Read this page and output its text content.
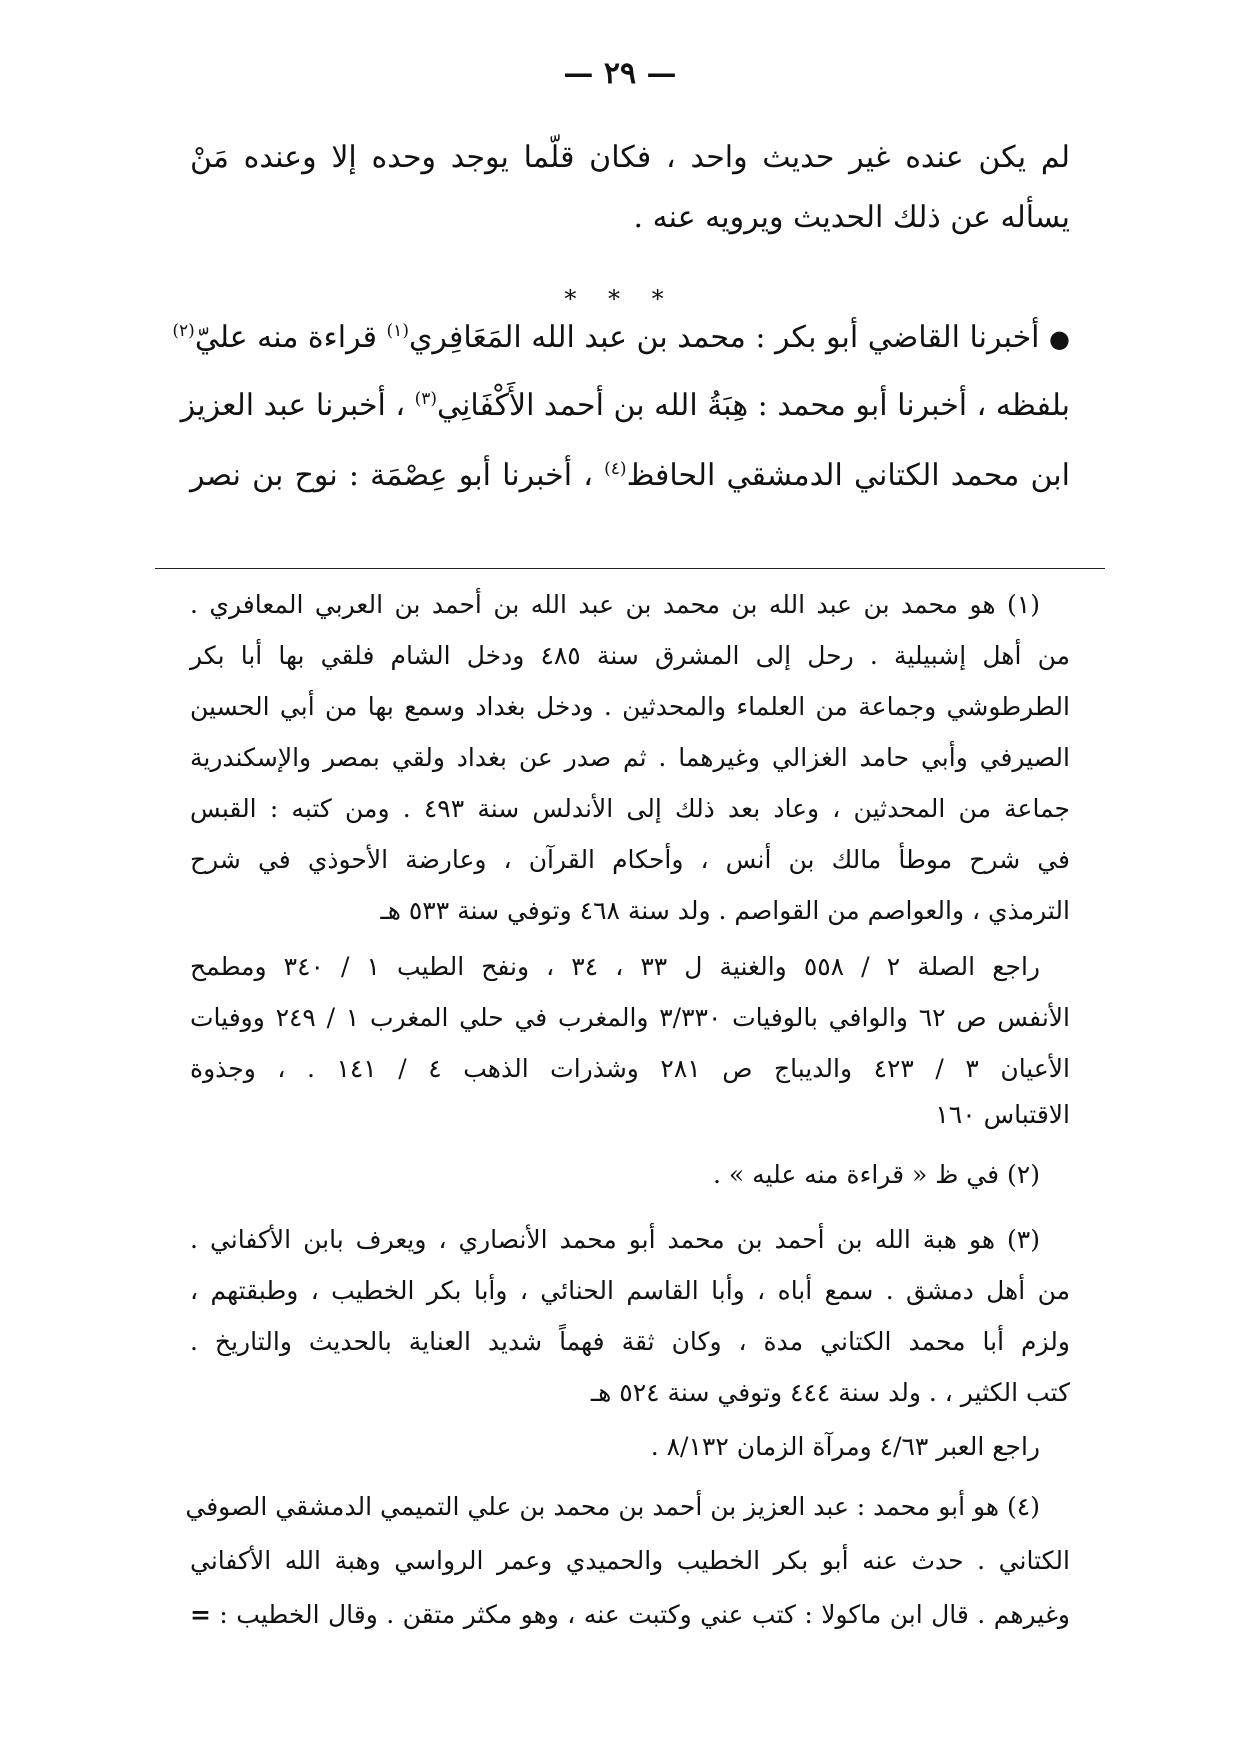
— ٢٩ —
لم يكن عنده غير حديث واحد ، فكان قلّما يوجد وحده إلا وعنده مَنْ
يسأله عن ذلك الحديث ويرويه عنه .
* * *
● أخبرنا القاضي أبو بكر : محمد بن عبد الله المَعَافِري$^{(١)}$ قراءة منه عليّ$^{(٢)}$
بلفظه ، أخبرنا أبو محمد : هِبَةُ الله بن أحمد الأَكْفَانِي$^{(٣)}$ ، أخبرنا عبد العزيز
ابن محمد الكتاني الدمشقي الحافظ$^{(٤)}$ ، أخبرنا أبو عِصْمَة : نوح بن نصر
(١) هو محمد بن عبد الله بن محمد بن عبد الله بن أحمد بن العربي المعافري .
من أهل إشبيلية . رحل إلى المشرق سنة ٤٨٥ ودخل الشام فلقي بها أبا بكر
الطرطوشي وجماعة من العلماء والمحدثين . ودخل بغداد وسمع بها من أبي الحسين
الصيرفي وأبي حامد الغزالي وغيرهما . ثم صدر عن بغداد ولقي بمصر والإسكندرية
جماعة من المحدثين ، وعاد بعد ذلك إلى الأندلس سنة ٤٩٣ . ومن كتبه : القبس
في شرح موطأ مالك بن أنس ، وأحكام القرآن ، وعارضة الأحوذي في شرح
الترمذي ، والعواصم من القواصم . ولد سنة ٤٦٨ وتوفي سنة ٥٣٣ هـ
راجع الصلة ٢ / ٥٥٨ والغنية ل ٣٣ ، ٣٤ ، ونفح الطيب ١ / ٣٤٠ ومطمح
الأنفس ص ٦٢ والوافي بالوفيات ٣/٣٣٠ والمغرب في حلي المغرب ١ / ٢٤٩ ووفيات
الأعيان ٣ / ٤٢٣ والديباج ص ٢٨١ وشذرات الذهب ٤ / ١٤١ . ، وجذوة
الاقتباس ١٦٠
(٢) في ظ « قراءة منه عليه » .
(٣) هو هبة الله بن أحمد بن محمد أبو محمد الأنصاري ، ويعرف بابن الأكفاني .
من أهل دمشق . سمع أباه ، وأبا القاسم الحنائي ، وأبا بكر الخطيب ، وطبقتهم ،
ولزم أبا محمد الكتاني مدة ، وكان ثقة فهماً شديد العناية بالحديث والتاريخ .
كتب الكثير ، . ولد سنة ٤٤٤ وتوفي سنة ٥٢٤ هـ
راجع العبر ٤/٦٣ ومرآة الزمان ٨/١٣٢ .
(٤) هو أبو محمد : عبد العزيز بن أحمد بن محمد بن علي التميمي الدمشقي الصوفي
الكتاني . حدث عنه أبو بكر الخطيب والحميدي وعمر الرواسي وهبة الله الأكفاني
وغيرهم . قال ابن ماكولا : كتب عني وكتبت عنه ، وهو مكثر متقن . وقال الخطيب : =
